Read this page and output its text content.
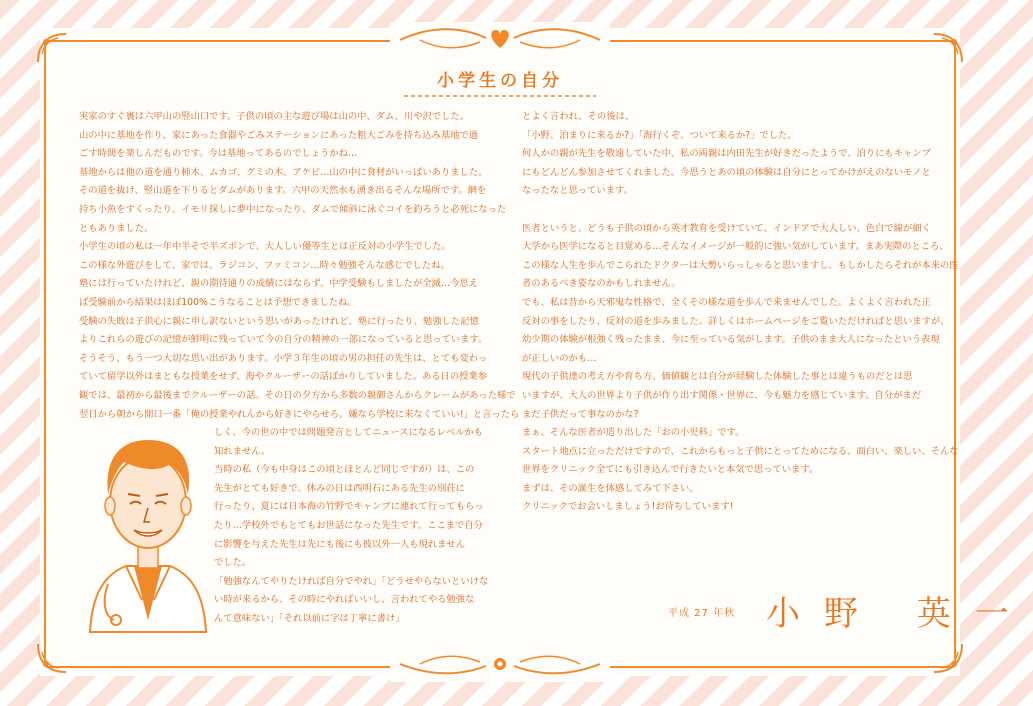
小学生の自分

実家のすぐ裏は六甲山の竪山口です。子供の頃の主な遊び場は山の中、ダム、川や沢でした。

山の中に基地を作り、家にあった食器やごみステーションにあった粗大ごみを持ち込み基地で過

ごす時間を楽しんだものです。今は基地ってあるのでしょうかね…

基地からは他の道を通り柿木、ムカゴ、グミの木、アケビ…山の中に食材がいっぱいありました。

その道を抜け、竪山道を下りるとダムがあります。六甲の天然水も湧き出るそんな場所です。網を

持ち小魚をすくったり、イモリ探しに夢中になったり、ダムで傾斜に泳ぐコイを釣ろうと必死になった

ともありました。

小学生の頃の私は一年中半そで半ズボンで、大人しい優等生とは正反対の小学生でした。

この様な外遊びをして、家では、ラジコン、ファミコン…時々勉強そんな感じでしたね。

塾には行っていたけれど、親の期待通りの成績にはならず、中学受験もしましたが全滅…今思え

ば受験前から結果はほぼ100%こうなることは予想できましたね。

受験の失敗は子供心に親に申し訳ないという思いがあったけれど、塾に行ったり、勉強した記憶

よりこれらの遊びの記憶が鮮明に残っていて今の自分の精神の一部になっていると思っています。

そうそう、もう一つ大切な思い出があります。小学３年生の頃の男の担任の先生は、とても変わっ

ていて留学以外はまともな授業をせず、海やクルーザーの話ばかりしていました。ある日の授業参

観では、最初から最後までクルーザーの話。その日の夕方から多数の親御さんからクレームがあった様で

翌日から朝から開口一番「俺の授業やれんから好きにやらせろ。嫌なら学校に来なくていい!」と言ったら

しく、今の世の中では問題発言としてニュースになるレベルかも

知れません。

当時の私（今も中身はこの頃とほとんど同じですが）は、この

先生がとても好きで、休みの日は西明石にある先生の別荘に

行ったり、夏には日本海の竹野でキャンプに連れて行ってもらっ

たり…学校外でもとてもお世話になった先生です。ここまで自分

に影響を与えた先生は先にも後にも彼以外一人も現れません

でした。

「勉強なんてやりたければ自分でやれ」「どうせやらないといけな

い時が来るから、その時にやればいいし、言われてやる勉強な

んて意味ない」「それ以前に字は丁寧に書け」

とよく言われ、その後は、

「小野、泊まりに来るか?」「海行くぞ、ついて来るか?」でした。

何人かの親が先生を敬遠していた中、私の両親は内田先生が好きだったようで、泊りにもキャンプ

にもどんどん参加させてくれました。今思うとあの頃の体験は自分にとってかけがえのないモノと

なったなと思っています。

医者というと、どうも子供の頃から英才教育を受けていて、インドアで大人しい、色白で線が細く

大学から医学になると目覚める…そんなイメージが一般的に強い気がしています。まあ実際のところ、

この様な人生を歩んでこられたドクターは大勢いらっしゃると思いますし、もしかしたらそれが本来の医

者のあるべき姿なのかもしれません。

でも、私は昔から天邪鬼な性格で、全くその様な道を歩んで来ませんでした。よくよく言われた正

反対の事をしたり、反対の道を歩みました。詳しくはホームページをご覧いただければと思いますが、

幼少期の体験が根強く残ったまま、今に至っている気がします。子供のまま大人になったという表現

が正しいのかも…

現代の子供達の考え方や育ち方、価値観とは自分が経験した体験した事とは違うものだとは思

いますが、大人の世界より子供が作り出す関係・世界に、今も魅力を感じています。自分がまだ

まだ子供だって事なのかな?

まぁ、そんな医者が造り出した「おの小児科」です。

スタート地点に立っただけですので、これからもっと子供にとってためになる、面白い、楽しい、そんな

世界をクリニック全てにも引き込んで行きたいと本気で思っています。

まずは、その誕生を体感してみて下さい。

クリニックでお会いしましょう!お待ちしています!

平成 27 年秋 小野 英一
